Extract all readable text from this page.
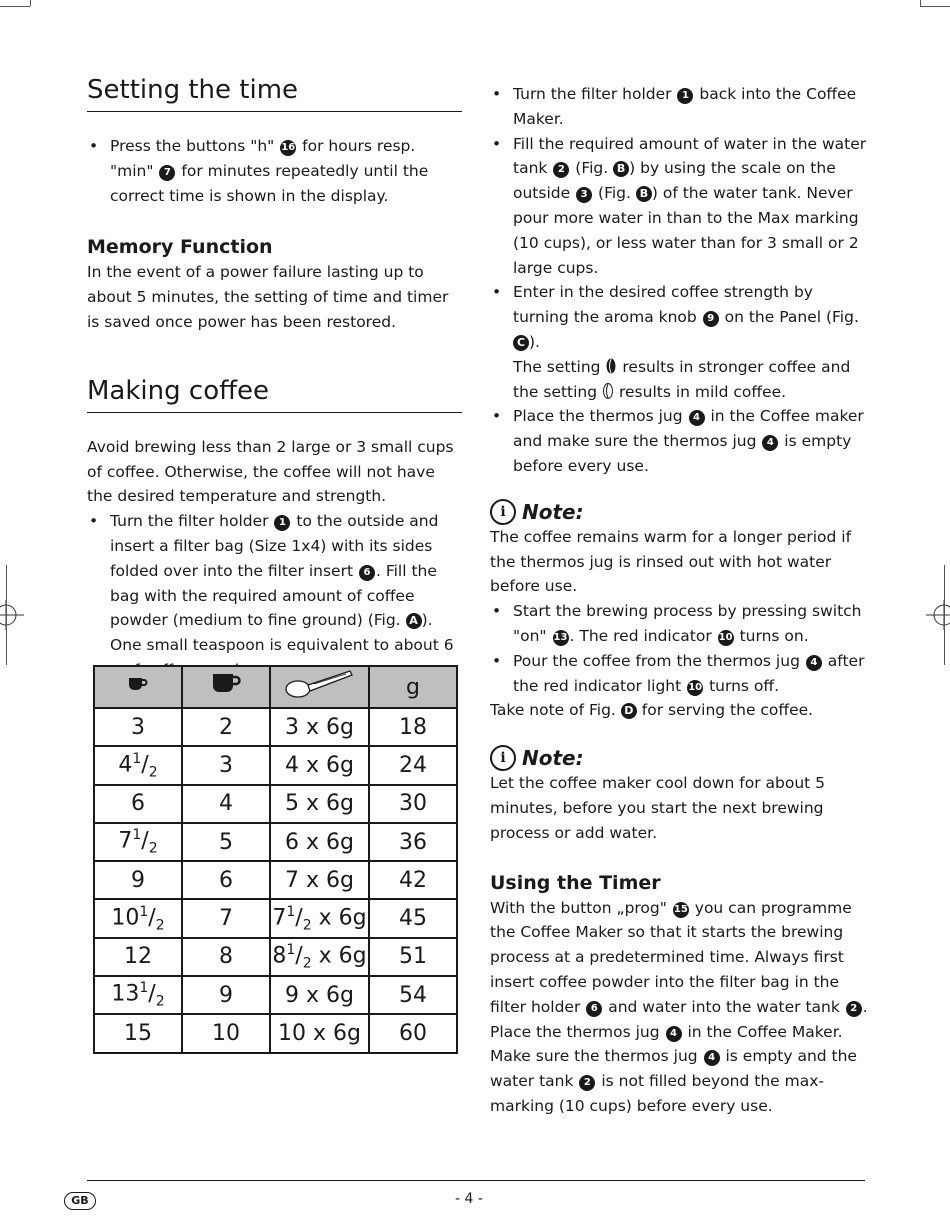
Setting the time
• Press the buttons "h" 16 for hours resp. "min" 7 for minutes repeatedly until the correct time is shown in the display.
Memory Function

In the event of a power failure lasting up to about 5 minutes, the setting of time and timer is saved once power has been restored.

Making coffee

Avoid brewing less than 2 large or 3 small cups of coffee. Otherwise, the coffee will not have the desired temperature and strength.

• Turn the filter holder 1 to the outside and insert a filter bag (Size 1x4) with its sides folded over into the filter insert 6 . Fill the bag with the required amount of coffee powder (medium to fine ground) (Fig. A ). One small teaspoon is equivalent to about 6
			g
3	2	3 x 6g	18
$4^1/_2$	3	4 x 6g	24
6	4	5 x 6g	30
$7^1/_2$	5	6 x 6g	36
9	6	7 x 6g	42
$10^1/_2$	7	$7^1/_2$ x 6g	45
12	8	$8^1/_2$ x 6g	51
$13^1/_2$	9	9 x 6g	54
15	10	10 x 6g	60
• Turn the filter holder 1 back into the Coffee Maker.
• Fill the required amount of water in the water tank 2 (Fig. B ) by using the scale on the outside 3 (Fig. B ) of the water tank. Never pour more water in than to the Max marking (10 cups), or less water than for 3 small or 2 large cups.
• Enter in the desired coffee strength by turning the aroma knob 9 on the Panel (Fig. C ).
The setting results in stronger coffee and the setting results in mild coffee.
• Place the thermos jug 4 in the Coffee maker and make sure the thermos jug 4 is empty before every use.
i Note:

The coffee remains warm for a longer period if the thermos jug is rinsed out with hot water before use.

• Start the brewing process by pressing switch "on" 13 . The red indicator 10 turns on.
• Pour the coffee from the thermos jug 4 after the red indicator light 10 turns off.

Take note of Fig. D for serving the coffee.

i Note:

Let the coffee maker cool down for about 5 minutes, before you start the next brewing process or add water.

Using the Timer

With the button „prog" 15 you can programme the Coffee Maker so that it starts the brewing process at a predetermined time. Always first insert coffee powder into the filter bag in the filter holder 6 and water into the water tank 2 .

Place the thermos jug 4 in the Coffee Maker.

Make sure the thermos jug 4 is empty and the water tank 2 is not filled beyond the max-marking (10 cups) before every use.

GB	- 4 -
